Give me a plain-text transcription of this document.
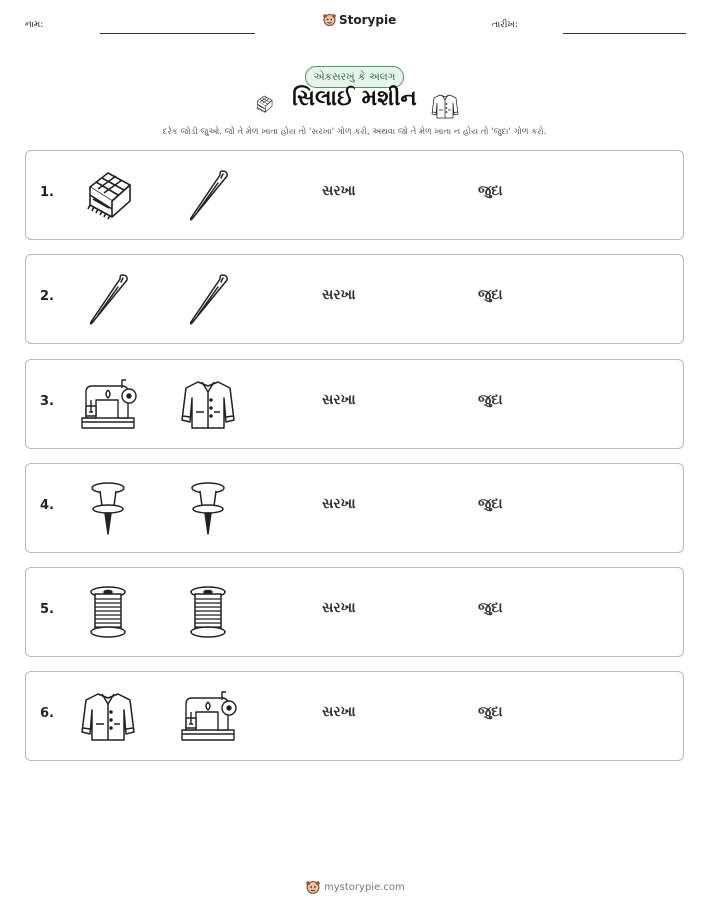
નામ:	Storypie	તારીખ:
એકસરખું કે અલગ
સિલાઈ મશીન
દરેક જોડી જુઓ. જો તે મેળ ખાતા હોય તો 'સરખા' ગોળ કરો, અથવા જો તે મેળ ખાતા ન હોય તો 'જુદા' ગોળ કરો.
1.	સરખા	જુદા
2.	સરખા	જુદા
3.	સરખા	જુદા
4.	સરખા	જુદા
5.	સરખા	જુદા
6.	સરખા	જુદા
mystorypie.com
